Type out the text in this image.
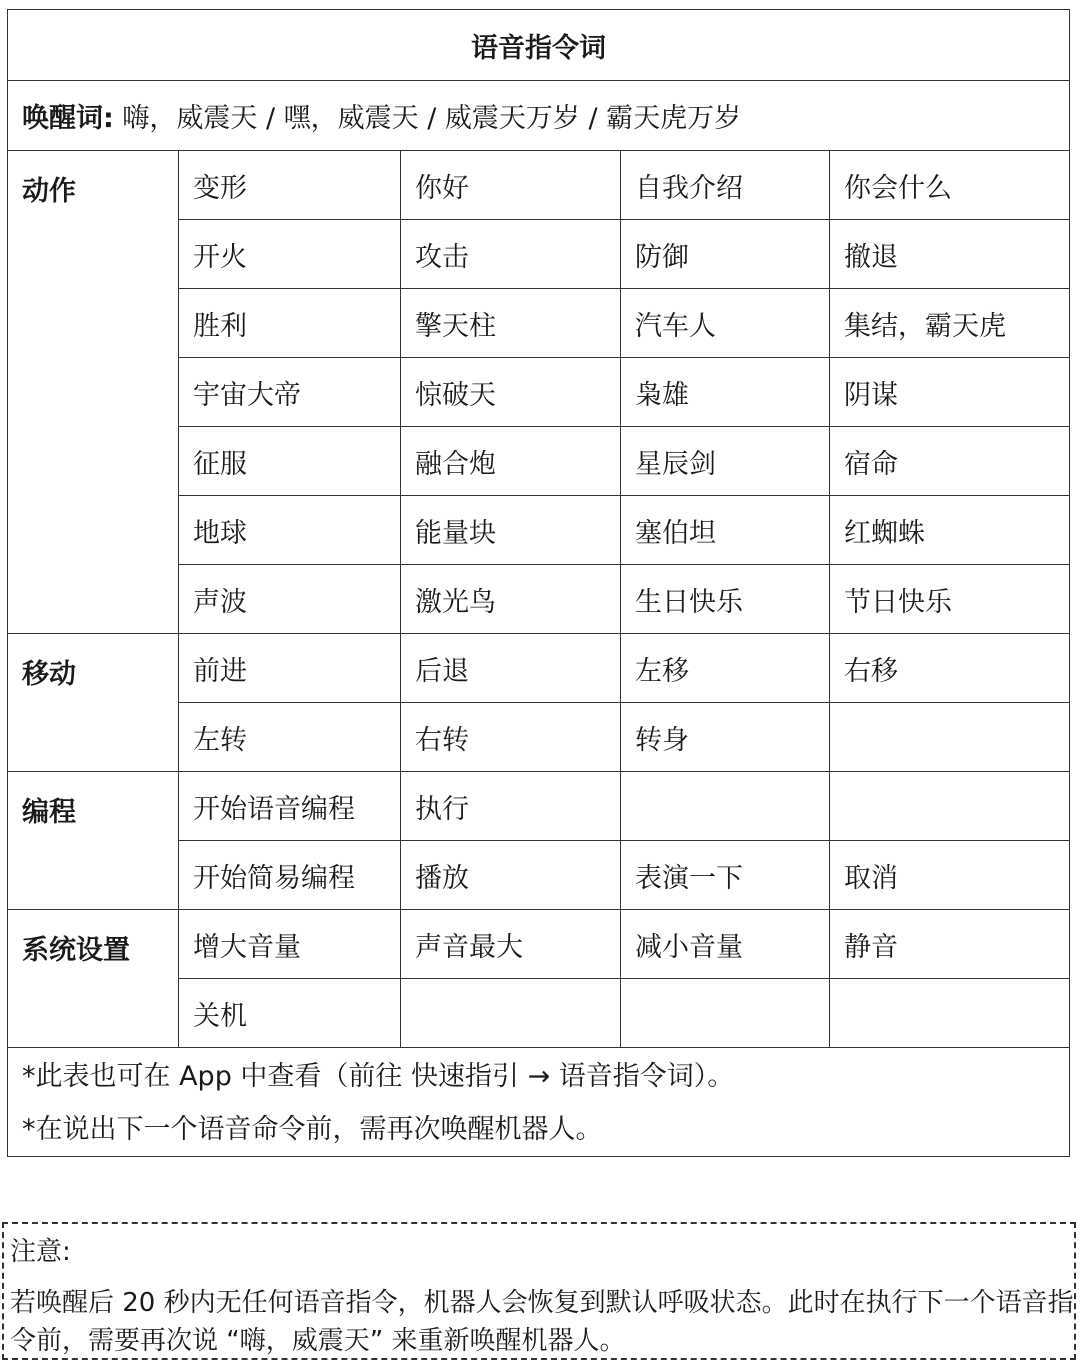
语音指令词				
唤醒词: 嗨，威震天 / 嘿，威震天 / 威震天万岁 / 霸天虎万岁				
动作	变形	你好	自我介绍	你会什么
	开火	攻击	防御	撤退
	胜利	擎天柱	汽车人	集结，霸天虎
	宇宙大帝	惊破天	枭雄	阴谋
	征服	融合炮	星辰剑	宿命
	地球	能量块	塞伯坦	红蜘蛛
	声波	激光鸟	生日快乐	节日快乐
移动	前进	后退	左移	右移
	左转	右转	转身	
编程	开始语音编程	执行		
	开始简易编程	播放	表演一下	取消
系统设置	增大音量	声音最大	减小音量	静音
	关机			

*此表也可在 App 中查看（前往 快速指引 → 语音指令词）。
*在说出下一个语音命令前，需再次唤醒机器人。				
注意:
若唤醒后 20 秒内无任何语音指令，机器人会恢复到默认呼吸状态。此时在执行下一个语音指令前，需要再次说 “嗨，威震天” 来重新唤醒机器人。
